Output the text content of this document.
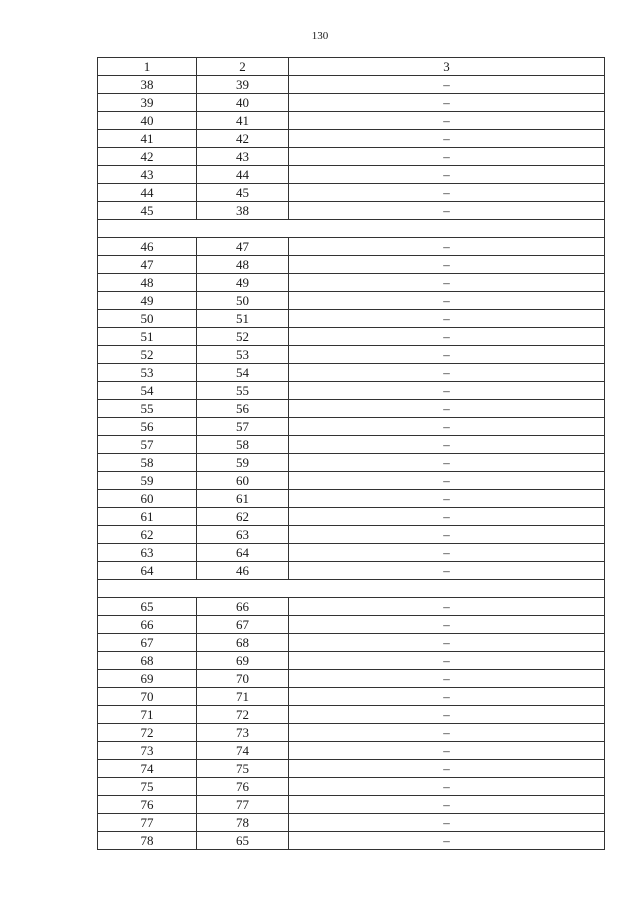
130
1	2	3
38	39	–
39	40	–
40	41	–
41	42	–
42	43	–
43	44	–
44	45	–
45	38	–

46	47	–
47	48	–
48	49	–
49	50	–
50	51	–
51	52	–
52	53	–
53	54	–
54	55	–
55	56	–
56	57	–
57	58	–
58	59	–
59	60	–
60	61	–
61	62	–
62	63	–
63	64	–
64	46	–

65	66	–
66	67	–
67	68	–
68	69	–
69	70	–
70	71	–
71	72	–
72	73	–
73	74	–
74	75	–
75	76	–
76	77	–
77	78	–
78	65	–
